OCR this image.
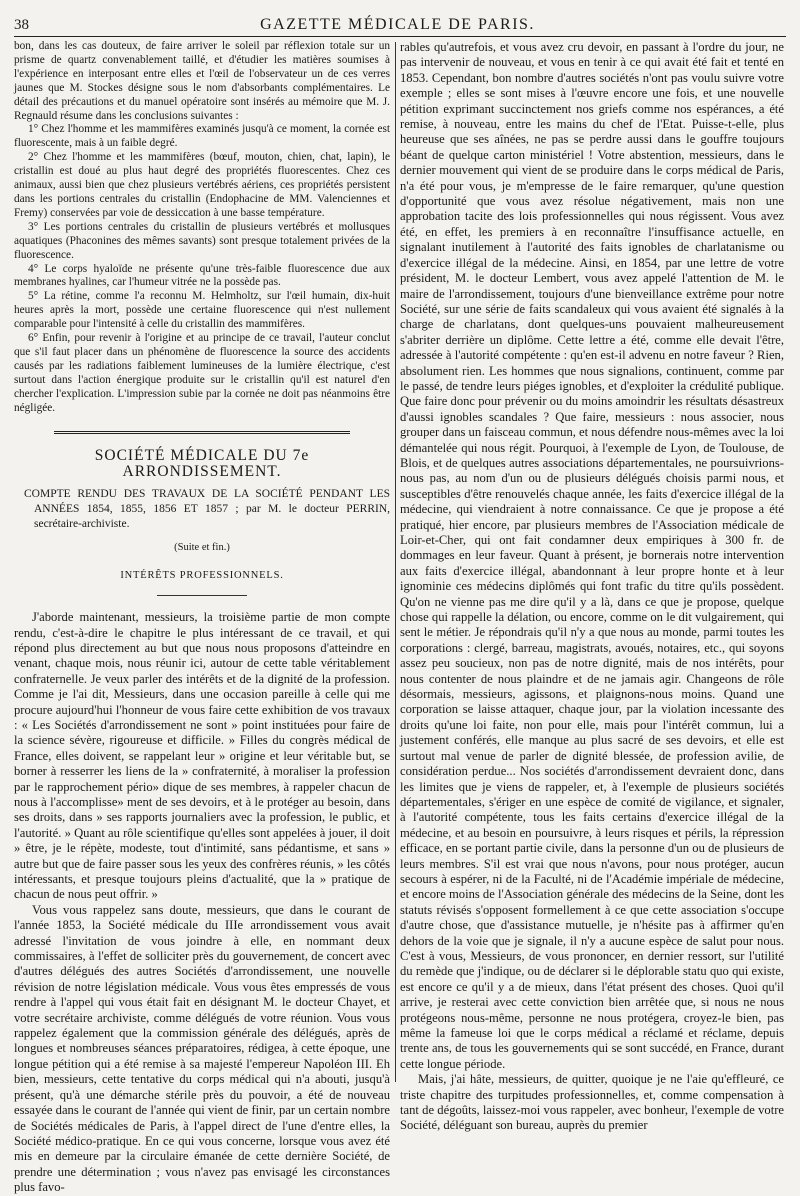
38	GAZETTE MÉDICALE DE PARIS.

bon, dans les cas douteux, de faire arriver le soleil par réflexion totale sur un prisme de quartz convenablement taillé, et d'étudier les matières soumises à l'expérience en interposant entre elles et l'œil de l'observateur un de ces verres jaunes que M. Stockes désigne sous le nom d'absorbants complémentaires. Le détail des précautions et du manuel opératoire sont insérés au mémoire que M. J. Regnauld résume dans les conclusions suivantes :

1° Chez l'homme et les mammifères examinés jusqu'à ce moment, la cornée est fluorescente, mais à un faible degré.

2° Chez l'homme et les mammifères (bœuf, mouton, chien, chat, lapin), le cristallin est doué au plus haut degré des propriétés fluorescentes. Chez ces animaux, aussi bien que chez plusieurs vertébrés aériens, ces propriétés persistent dans les portions centrales du cristallin (Endophacine de MM. Valenciennes et Fremy) conservées par voie de dessiccation à une basse température.

3° Les portions centrales du cristallin de plusieurs vertébrés et mollusques aquatiques (Phaconines des mêmes savants) sont presque totalement privées de la fluorescence.

4° Le corps hyaloïde ne présente qu'une très-faible fluorescence due aux membranes hyalines, car l'humeur vitrée ne la possède pas.

5° La rétine, comme l'a reconnu M. Helmholtz, sur l'œil humain, dix-huit heures après la mort, possède une certaine fluorescence qui n'est nullement comparable pour l'intensité à celle du cristallin des mammifères.

6° Enfin, pour revenir à l'origine et au principe de ce travail, l'auteur conclut que s'il faut placer dans un phénomène de fluorescence la source des accidents causés par les radiations faiblement lumineuses de la lumière électrique, c'est surtout dans l'action énergique produite sur le cristallin qu'il est naturel d'en chercher l'explication. L'impression subie par la cornée ne doit pas néanmoins être négligée.

SOCIÉTÉ MÉDICALE DU 7e ARRONDISSEMENT.
COMPTE RENDU DES TRAVAUX DE LA SOCIÉTÉ PENDANT LES ANNÉES 1854, 1855, 1856 ET 1857 ; par M. le docteur PERRIN, secrétaire-archiviste.
(Suite et fin.)
INTÉRÊTS PROFESSIONNELS.

J'aborde maintenant, messieurs, la troisième partie de mon compte rendu, c'est-à-dire le chapitre le plus intéressant de ce travail, et qui répond plus directement au but que nous nous proposons d'atteindre en venant, chaque mois, nous réunir ici, autour de cette table véritablement confraternelle. Je veux parler des intérêts et de la dignité de la profession. Comme je l'ai dit, Messieurs, dans une occasion pareille à celle qui me procure aujourd'hui l'honneur de vous faire cette exhibition de vos travaux : « Les Sociétés d'arrondissement ne sont » point instituées pour faire de la science sévère, rigoureuse et difficile. » Filles du congrès médical de France, elles doivent, se rappelant leur » origine et leur véritable but, se borner à resserrer les liens de la » confraternité, à moraliser la profession par le rapprochement pério» dique de ses membres, à rappeler chacun de nous à l'accomplisse» ment de ses devoirs, et à le protéger au besoin, dans ses droits, dans » ses rapports journaliers avec la profession, le public, et l'autorité. » Quant au rôle scientifique qu'elles sont appelées à jouer, il doit » être, je le répète, modeste, tout d'intimité, sans pédantisme, et sans » autre but que de faire passer sous les yeux des confrères réunis, » les côtés intéressants, et presque toujours pleins d'actualité, que la » pratique de chacun de nous peut offrir. »

Vous vous rappelez sans doute, messieurs, que dans le courant de l'année 1853, la Société médicale du IIIe arrondissement vous avait adressé l'invitation de vous joindre à elle, en nommant deux commissaires, à l'effet de solliciter près du gouvernement, de concert avec d'autres délégués des autres Sociétés d'arrondissement, une nouvelle révision de notre législation médicale. Vous vous êtes empressés de vous rendre à l'appel qui vous était fait en désignant M. le docteur Chayet, et votre secrétaire archiviste, comme délégués de votre réunion. Vous vous rappelez également que la commission générale des délégués, après de longues et nombreuses séances préparatoires, rédigea, à cette époque, une longue pétition qui a été remise à sa majesté l'empereur Napoléon III. Eh bien, messieurs, cette tentative du corps médical qui n'a abouti, jusqu'à présent, qu'à une démarche stérile près du pouvoir, a été de nouveau essayée dans le courant de l'année qui vient de finir, par un certain nombre de Sociétés médicales de Paris, à l'appel direct de l'une d'entre elles, la Société médico-pratique. En ce qui vous concerne, lorsque vous avez été mis en demeure par la circulaire émanée de cette dernière Société, de prendre une détermination ; vous n'avez pas envisagé les circonstances plus favo-

rables qu'autrefois, et vous avez cru devoir, en passant à l'ordre du jour, ne pas intervenir de nouveau, et vous en tenir à ce qui avait été fait et tenté en 1853. Cependant, bon nombre d'autres sociétés n'ont pas voulu suivre votre exemple ; elles se sont mises à l'œuvre encore une fois, et une nouvelle pétition exprimant succinctement nos griefs comme nos espérances, a été remise, à nouveau, entre les mains du chef de l'Etat. Puisse-t-elle, plus heureuse que ses aînées, ne pas se perdre aussi dans le gouffre toujours béant de quelque carton ministériel ! Votre abstention, messieurs, dans le dernier mouvement qui vient de se produire dans le corps médical de Paris, n'a été pour vous, je m'empresse de le faire remarquer, qu'une question d'opportunité que vous avez résolue négativement, mais non une approbation tacite des lois professionnelles qui nous régissent. Vous avez été, en effet, les premiers à en reconnaître l'insuffisance actuelle, en signalant inutilement à l'autorité des faits ignobles de charlatanisme ou d'exercice illégal de la médecine. Ainsi, en 1854, par une lettre de votre président, M. le docteur Lembert, vous avez appelé l'attention de M. le maire de l'arrondissement, toujours d'une bienveillance extrême pour notre Société, sur une série de faits scandaleux qui vous avaient été signalés à la charge de charlatans, dont quelques-uns pouvaient malheureusement s'abriter derrière un diplôme. Cette lettre a été, comme elle devait l'être, adressée à l'autorité compétente : qu'en est-il advenu en notre faveur ? Rien, absolument rien. Les hommes que nous signalions, continuent, comme par le passé, de tendre leurs piéges ignobles, et d'exploiter la crédulité publique. Que faire donc pour prévenir ou du moins amoindrir les résultats désastreux d'aussi ignobles scandales ? Que faire, messieurs : nous associer, nous grouper dans un faisceau commun, et nous défendre nous-mêmes avec la loi démantelée qui nous régit. Pourquoi, à l'exemple de Lyon, de Toulouse, de Blois, et de quelques autres associations départementales, ne poursuivrions-nous pas, au nom d'un ou de plusieurs délégués choisis parmi nous, et susceptibles d'être renouvelés chaque année, les faits d'exercice illégal de la médecine, qui viendraient à notre connaissance. Ce que je propose a été pratiqué, hier encore, par plusieurs membres de l'Association médicale de Loir-et-Cher, qui ont fait condamner deux empiriques à 300 fr. de dommages en leur faveur. Quant à présent, je bornerais notre intervention aux faits d'exercice illégal, abandonnant à leur propre honte et à leur ignominie ces médecins diplômés qui font trafic du titre qu'ils possèdent. Qu'on ne vienne pas me dire qu'il y a là, dans ce que je propose, quelque chose qui rappelle la délation, ou encore, comme on le dit vulgairement, qui sent le métier. Je répondrais qu'il n'y a que nous au monde, parmi toutes les corporations : clergé, barreau, magistrats, avoués, notaires, etc., qui soyons assez peu soucieux, non pas de notre dignité, mais de nos intérêts, pour nous contenter de nous plaindre et de ne jamais agir. Changeons de rôle désormais, messieurs, agissons, et plaignons-nous moins. Quand une corporation se laisse attaquer, chaque jour, par la violation incessante des droits qu'une loi faite, non pour elle, mais pour l'intérêt commun, lui a justement conférés, elle manque au plus sacré de ses devoirs, et elle est surtout mal venue de parler de dignité blessée, de profession avilie, de considération perdue... Nos sociétés d'arrondissement devraient donc, dans les limites que je viens de rappeler, et, à l'exemple de plusieurs sociétés départementales, s'ériger en une espèce de comité de vigilance, et signaler, à l'autorité compétente, tous les faits certains d'exercice illégal de la médecine, et au besoin en poursuivre, à leurs risques et périls, la répression efficace, en se portant partie civile, dans la personne d'un ou de plusieurs de leurs membres. S'il est vrai que nous n'avons, pour nous protéger, aucun secours à espérer, ni de la Faculté, ni de l'Académie impériale de médecine, et encore moins de l'Association générale des médecins de la Seine, dont les statuts révisés s'opposent formellement à ce que cette association s'occupe d'autre chose, que d'assistance mutuelle, je n'hésite pas à affirmer qu'en dehors de la voie que je signale, il n'y a aucune espèce de salut pour nous. C'est à vous, Messieurs, de vous prononcer, en dernier ressort, sur l'utilité du remède que j'indique, ou de déclarer si le déplorable statu quo qui existe, est encore ce qu'il y a de mieux, dans l'état présent des choses. Quoi qu'il arrive, je resterai avec cette conviction bien arrêtée que, si nous ne nous protégeons nous-même, personne ne nous protégera, croyez-le bien, pas même la fameuse loi que le corps médical a réclamé et réclame, depuis trente ans, de tous les gouvernements qui se sont succédé, en France, durant cette longue période.

Mais, j'ai hâte, messieurs, de quitter, quoique je ne l'aie qu'effleuré, ce triste chapitre des turpitudes professionnelles, et, comme compensation à tant de dégoûts, laissez-moi vous rappeler, avec bonheur, l'exemple de votre Société, déléguant son bureau, auprès du premier
